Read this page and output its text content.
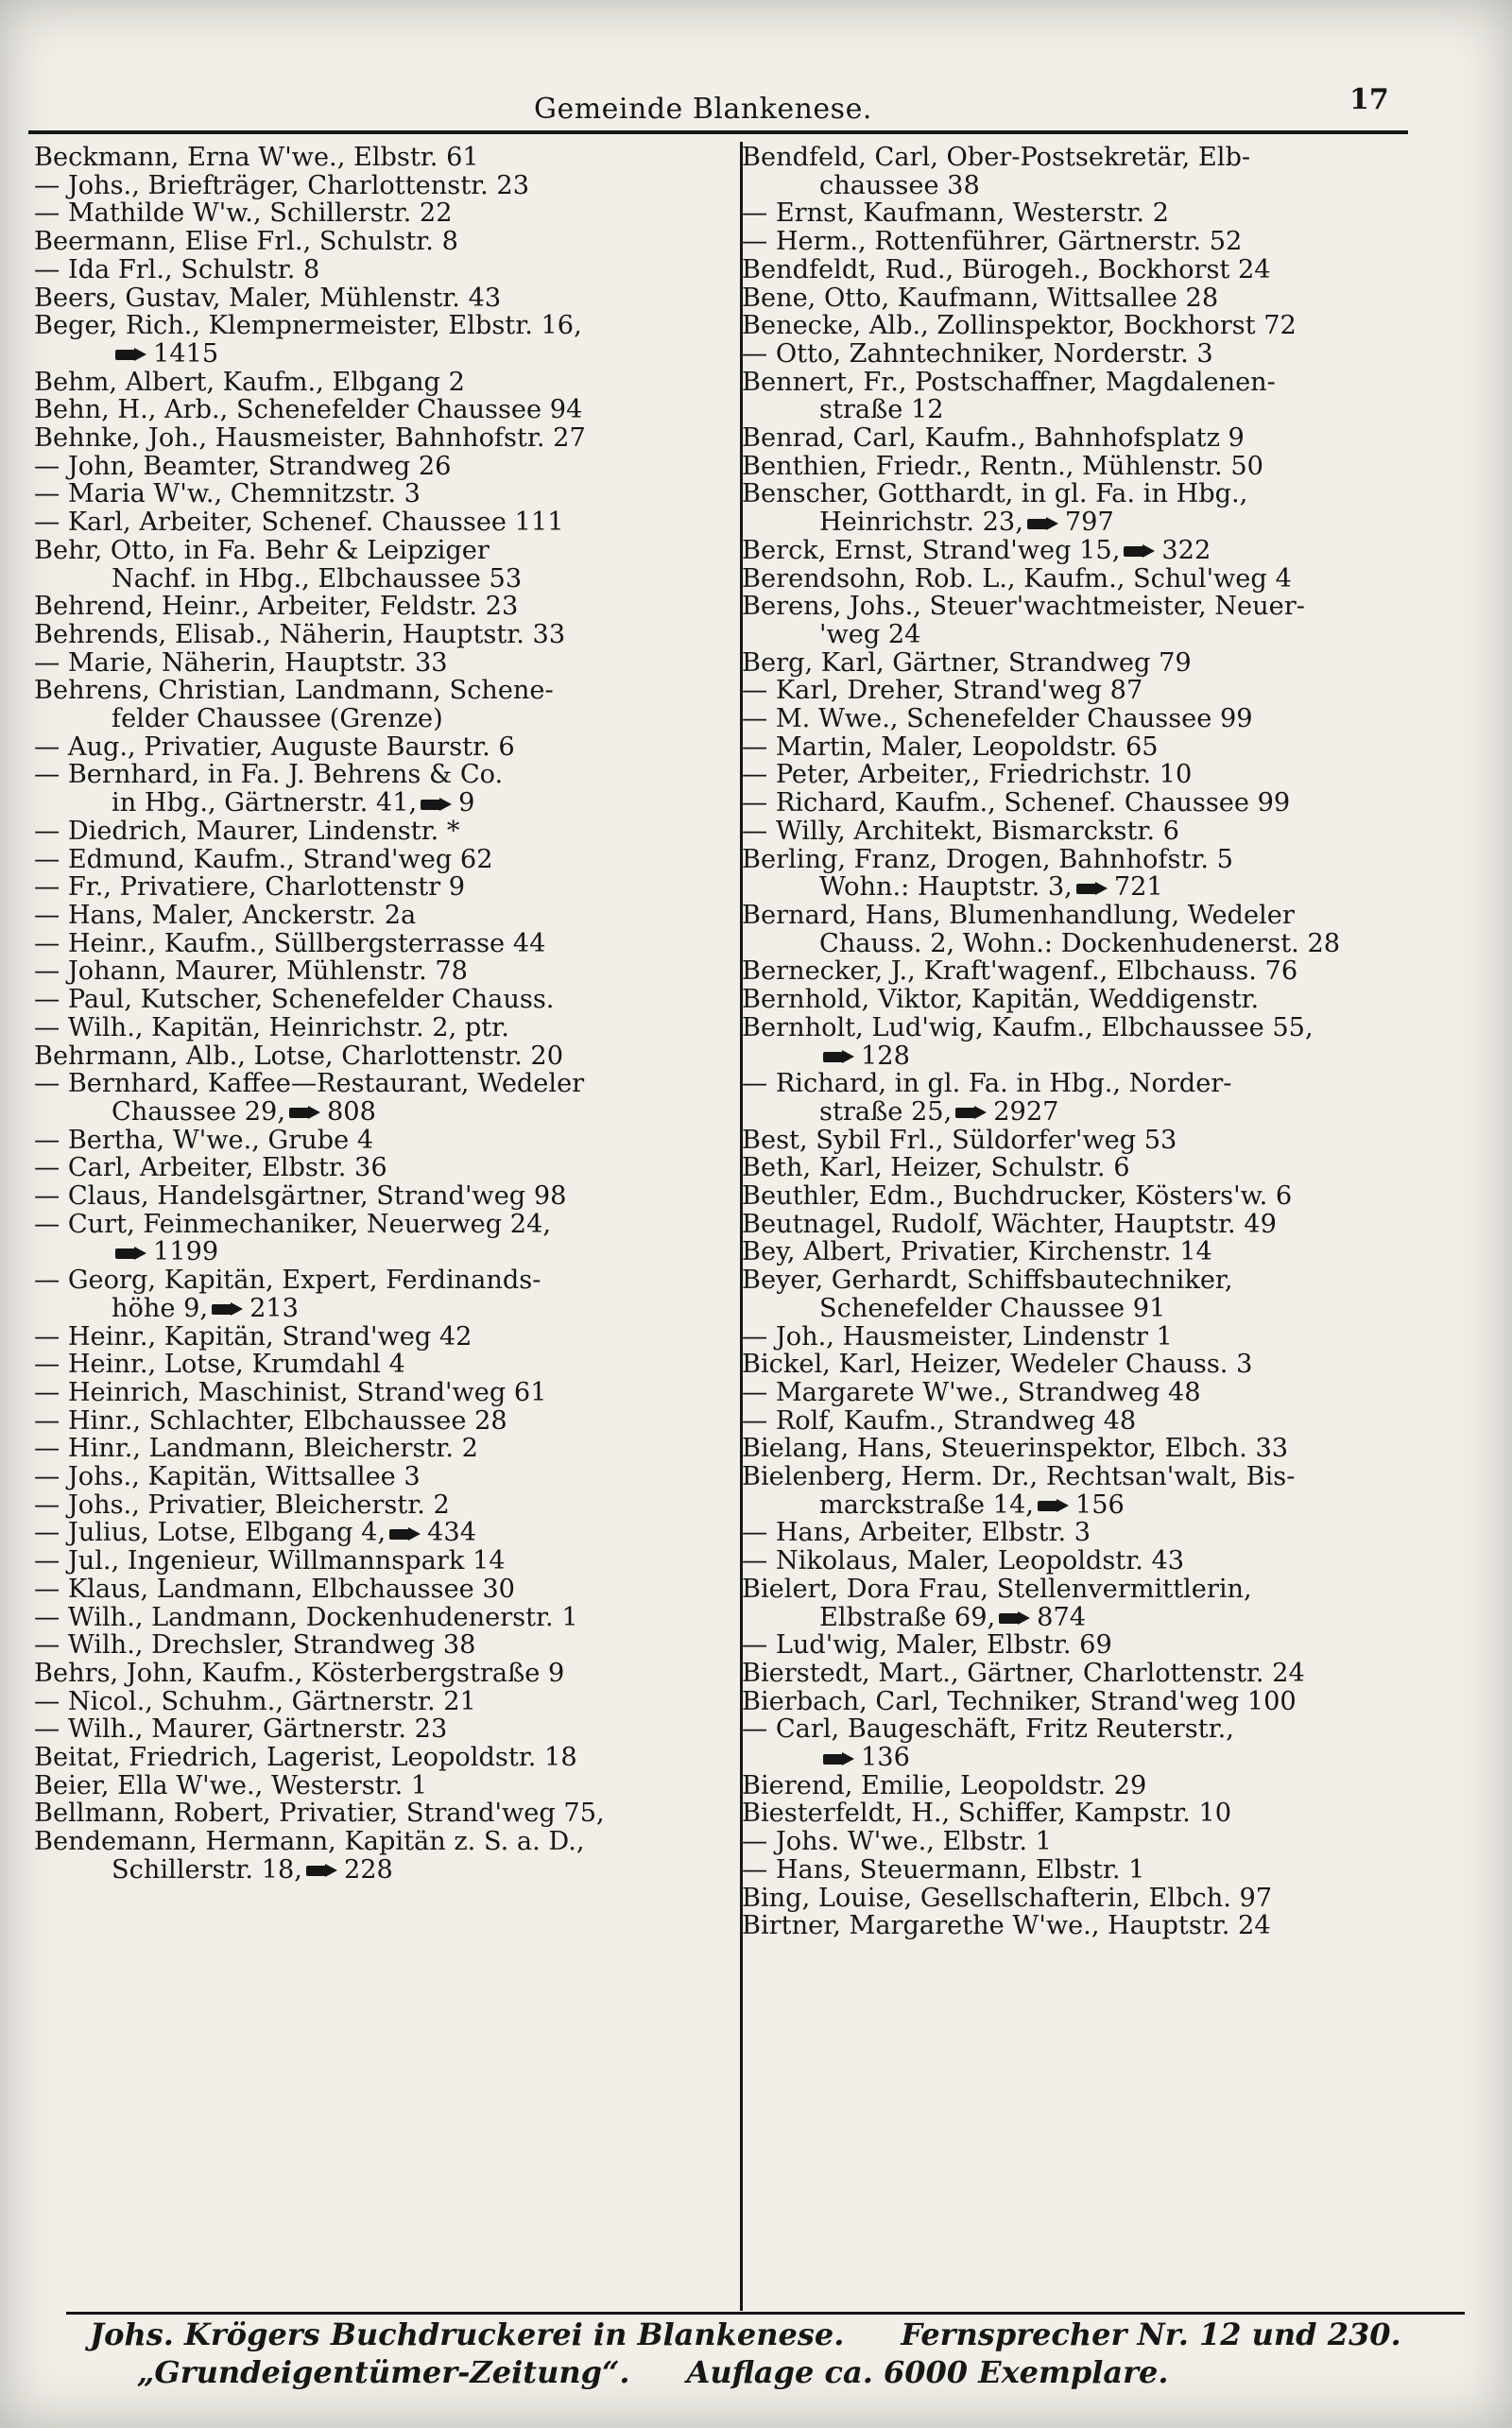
Gemeinde Blankenese.	17
Beckmann, Erna W'we., Elbstr. 61
— Johs., Briefträger, Charlottenstr. 23
— Mathilde W'w., Schillerstr. 22
Beermann, Elise Frl., Schulstr. 8
— Ida Frl., Schulstr. 8
Beers, Gustav, Maler, Mühlenstr. 43
Beger, Rich., Klempnermeister, Elbstr. 16,
1415
Behm, Albert, Kaufm., Elbgang 2
Behn, H., Arb., Schenefelder Chaussee 94
Behnke, Joh., Hausmeister, Bahnhofstr. 27
— John, Beamter, Strandweg 26
— Maria W'w., Chemnitzstr. 3
— Karl, Arbeiter, Schenef. Chaussee 111
Behr, Otto, in Fa. Behr & Leipziger
Nachf. in Hbg., Elbchaussee 53
Behrend, Heinr., Arbeiter, Feldstr. 23
Behrends, Elisab., Näherin, Hauptstr. 33
— Marie, Näherin, Hauptstr. 33
Behrens, Christian, Landmann, Schene-
felder Chaussee (Grenze)
— Aug., Privatier, Auguste Baurstr. 6
— Bernhard, in Fa. J. Behrens & Co.
in Hbg., Gärtnerstr. 41, 9
— Diedrich, Maurer, Lindenstr. *
— Edmund, Kaufm., Strand'weg 62
— Fr., Privatiere, Charlottenstr 9
— Hans, Maler, Anckerstr. 2a
— Heinr., Kaufm., Süllbergsterrasse 44
— Johann, Maurer, Mühlenstr. 78
— Paul, Kutscher, Schenefelder Chauss.
— Wilh., Kapitän, Heinrichstr. 2, ptr.
Behrmann, Alb., Lotse, Charlottenstr. 20
— Bernhard, Kaffee—Restaurant, Wedeler
Chaussee 29, 808
— Bertha, W'we., Grube 4
— Carl, Arbeiter, Elbstr. 36
— Claus, Handelsgärtner, Strand'weg 98
— Curt, Feinmechaniker, Neuerweg 24,
1199
— Georg, Kapitän, Expert, Ferdinands-
höhe 9, 213
— Heinr., Kapitän, Strand'weg 42
— Heinr., Lotse, Krumdahl 4
— Heinrich, Maschinist, Strand'weg 61
— Hinr., Schlachter, Elbchaussee 28
— Hinr., Landmann, Bleicherstr. 2
— Johs., Kapitän, Wittsallee 3
— Johs., Privatier, Bleicherstr. 2
— Julius, Lotse, Elbgang 4, 434
— Jul., Ingenieur, Willmannspark 14
— Klaus, Landmann, Elbchaussee 30
— Wilh., Landmann, Dockenhudenerstr. 1
— Wilh., Drechsler, Strandweg 38
Behrs, John, Kaufm., Kösterbergstraße 9
— Nicol., Schuhm., Gärtnerstr. 21
— Wilh., Maurer, Gärtnerstr. 23
Beitat, Friedrich, Lagerist, Leopoldstr. 18
Beier, Ella W'we., Westerstr. 1
Bellmann, Robert, Privatier, Strand'weg 75,
Bendemann, Hermann, Kapitän z. S. a. D.,
Schillerstr. 18, 228
Bendfeld, Carl, Ober-Postsekretär, Elb-
chaussee 38
— Ernst, Kaufmann, Westerstr. 2
— Herm., Rottenführer, Gärtnerstr. 52
Bendfeldt, Rud., Bürogeh., Bockhorst 24
Bene, Otto, Kaufmann, Wittsallee 28
Benecke, Alb., Zollinspektor, Bockhorst 72
— Otto, Zahntechniker, Norderstr. 3
Bennert, Fr., Postschaffner, Magdalenen-
straße 12
Benrad, Carl, Kaufm., Bahnhofsplatz 9
Benthien, Friedr., Rentn., Mühlenstr. 50
Benscher, Gotthardt, in gl. Fa. in Hbg.,
Heinrichstr. 23, 797
Berck, Ernst, Strand'weg 15, 322
Berendsohn, Rob. L., Kaufm., Schul'weg 4
Berens, Johs., Steuer'wachtmeister, Neuer-
'weg 24
Berg, Karl, Gärtner, Strandweg 79
— Karl, Dreher, Strand'weg 87
— M. Wwe., Schenefelder Chaussee 99
— Martin, Maler, Leopoldstr. 65
— Peter, Arbeiter,, Friedrichstr. 10
— Richard, Kaufm., Schenef. Chaussee 99
— Willy, Architekt, Bismarckstr. 6
Berling, Franz, Drogen, Bahnhofstr. 5
Wohn.: Hauptstr. 3, 721
Bernard, Hans, Blumenhandlung, Wedeler
Chauss. 2, Wohn.: Dockenhudenerst. 28
Bernecker, J., Kraft'wagenf., Elbchauss. 76
Bernhold, Viktor, Kapitän, Weddigenstr.
Bernholt, Lud'wig, Kaufm., Elbchaussee 55,
128
— Richard, in gl. Fa. in Hbg., Norder-
straße 25, 2927
Best, Sybil Frl., Süldorfer'weg 53
Beth, Karl, Heizer, Schulstr. 6
Beuthler, Edm., Buchdrucker, Kösters'w. 6
Beutnagel, Rudolf, Wächter, Hauptstr. 49
Bey, Albert, Privatier, Kirchenstr. 14
Beyer, Gerhardt, Schiffsbautechniker,
Schenefelder Chaussee 91
— Joh., Hausmeister, Lindenstr 1
Bickel, Karl, Heizer, Wedeler Chauss. 3
— Margarete W'we., Strandweg 48
— Rolf, Kaufm., Strandweg 48
Bielang, Hans, Steuerinspektor, Elbch. 33
Bielenberg, Herm. Dr., Rechtsan'walt, Bis-
marckstraße 14, 156
— Hans, Arbeiter, Elbstr. 3
— Nikolaus, Maler, Leopoldstr. 43
Bielert, Dora Frau, Stellenvermittlerin,
Elbstraße 69, 874
— Lud'wig, Maler, Elbstr. 69
Bierstedt, Mart., Gärtner, Charlottenstr. 24
Bierbach, Carl, Techniker, Strand'weg 100
— Carl, Baugeschäft, Fritz Reuterstr.,
136
Bierend, Emilie, Leopoldstr. 29
Biesterfeldt, H., Schiffer, Kampstr. 10
— Johs. W'we., Elbstr. 1
— Hans, Steuermann, Elbstr. 1
Bing, Louise, Gesellschafterin, Elbch. 97
Birtner, Margarethe W'we., Hauptstr. 24
Johs. Krögers Buchdruckerei in Blankenese. Fernsprecher Nr. 12 und 230.
„Grundeigentümer-Zeitung“. Auflage ca. 6000 Exemplare.
